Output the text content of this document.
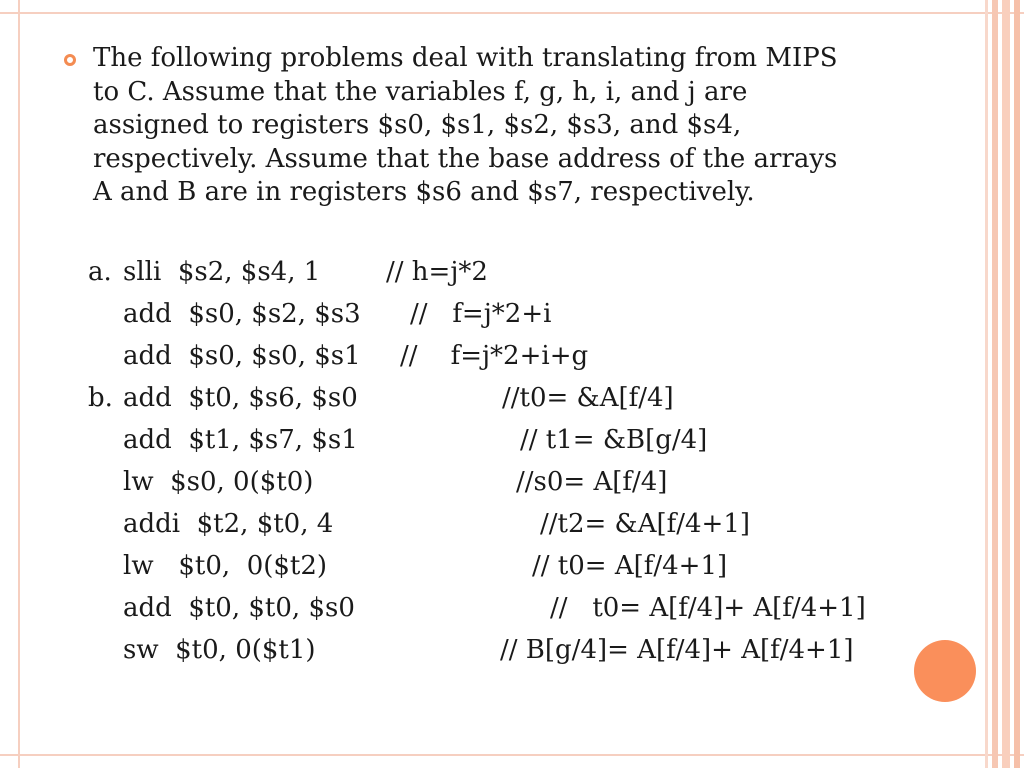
The following problems deal with translating from MIPS to C. Assume that the variables f, g, h, i, and j are assigned to registers $s0, $s1, $s2, $s3, and $s4, respectively. Assume that the base address of the arrays A and B are in registers $s6 and $s7, respectively.

a.

slli  $s2, $s4, 1

	// h=j*2

add  $s0, $s2, $s3

//   f=j*2+i

add  $s0, $s0, $s1

//    f=j*2+i+g

b.

add  $t0, $s6, $s0

	//t0= &A[f/4]

add  $t1, $s7, $s1

	// t1= &B[g/4]

lw  $s0, 0($t0)

	//s0= A[f/4]

addi  $t2, $t0, 4

	//t2= &A[f/4+1]

lw   $t0,  0($t2)

	// t0= A[f/4+1]

add  $t0, $t0, $s0

	//   t0= A[f/4]+ A[f/4+1]

sw  $t0, 0($t1)

	// B[g/4]= A[f/4]+ A[f/4+1]
